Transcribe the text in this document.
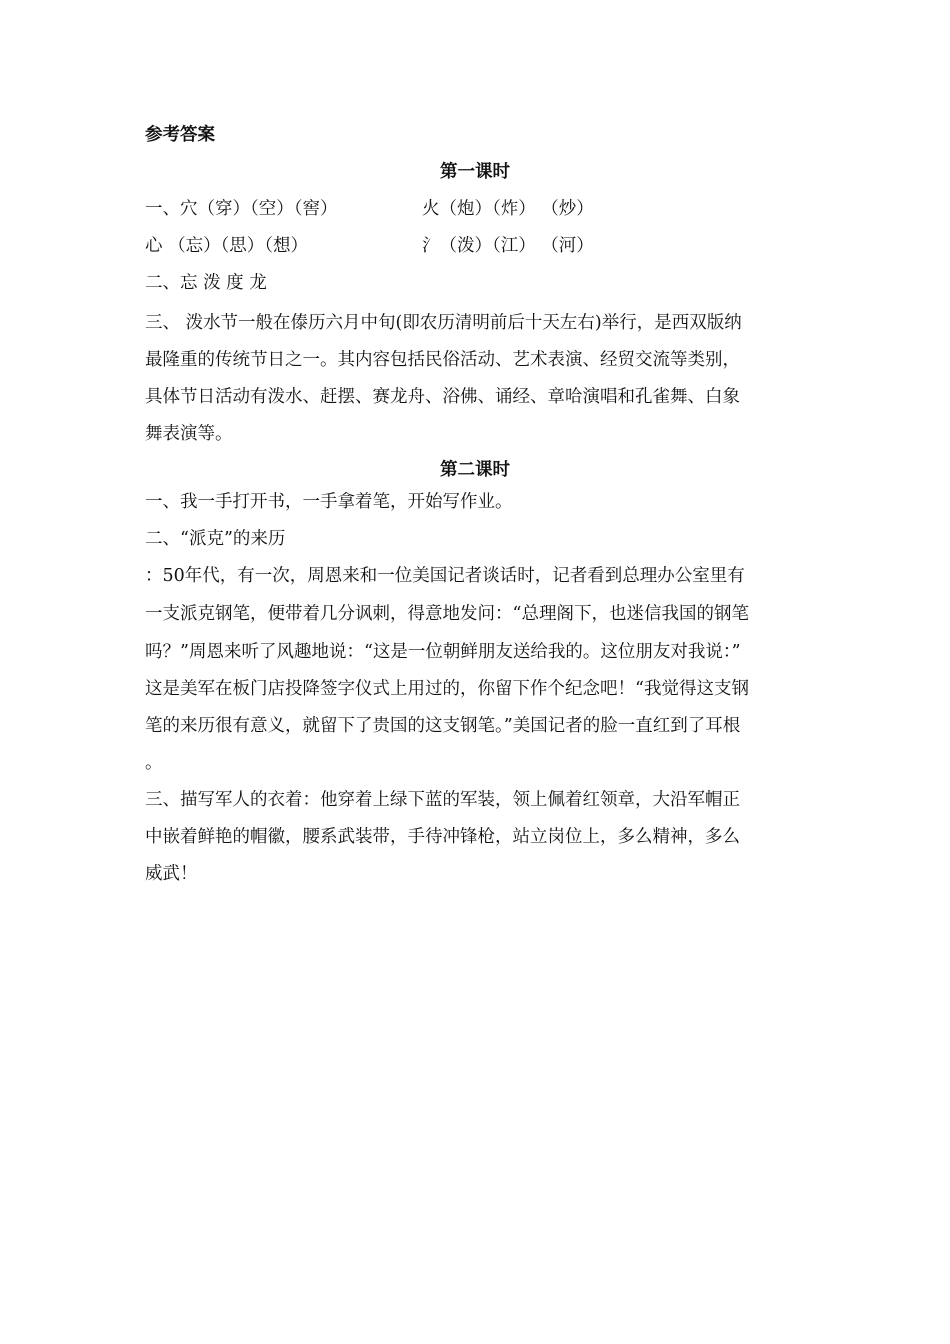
参考答案
第一课时
一、穴（穿）（空）（窖）	火（炮）（炸） （炒）
心 （忘）（思）（想）	氵（泼）（江） （河）
二、忘 泼 度 龙
三、 泼水节一般在傣历六月中旬(即农历清明前后十天左右)举行，是西双版纳
最隆重的传统节日之一。其内容包括民俗活动、艺术表演、经贸交流等类别，
具体节日活动有泼水、赶摆、赛龙舟、浴佛、诵经、章哈演唱和孔雀舞、白象
舞表演等。
第二课时
一、我一手打开书，一手拿着笔，开始写作业。
二、“派克”的来历
：50年代，有一次，周恩来和一位美国记者谈话时，记者看到总理办公室里有
一支派克钢笔，便带着几分讽刺，得意地发问：“总理阁下，也迷信我国的钢笔
吗？”周恩来听了风趣地说：“这是一位朝鲜朋友送给我的。这位朋友对我说：”
这是美军在板门店投降签字仪式上用过的，你留下作个纪念吧！“我觉得这支钢
笔的来历很有意义，就留下了贵国的这支钢笔。”美国记者的脸一直红到了耳根
。
三、描写军人的衣着：他穿着上绿下蓝的军装，领上佩着红领章，大沿军帽正
中嵌着鲜艳的帽徽，腰系武装带，手待冲锋枪，站立岗位上，多么精神，多么
威武！
